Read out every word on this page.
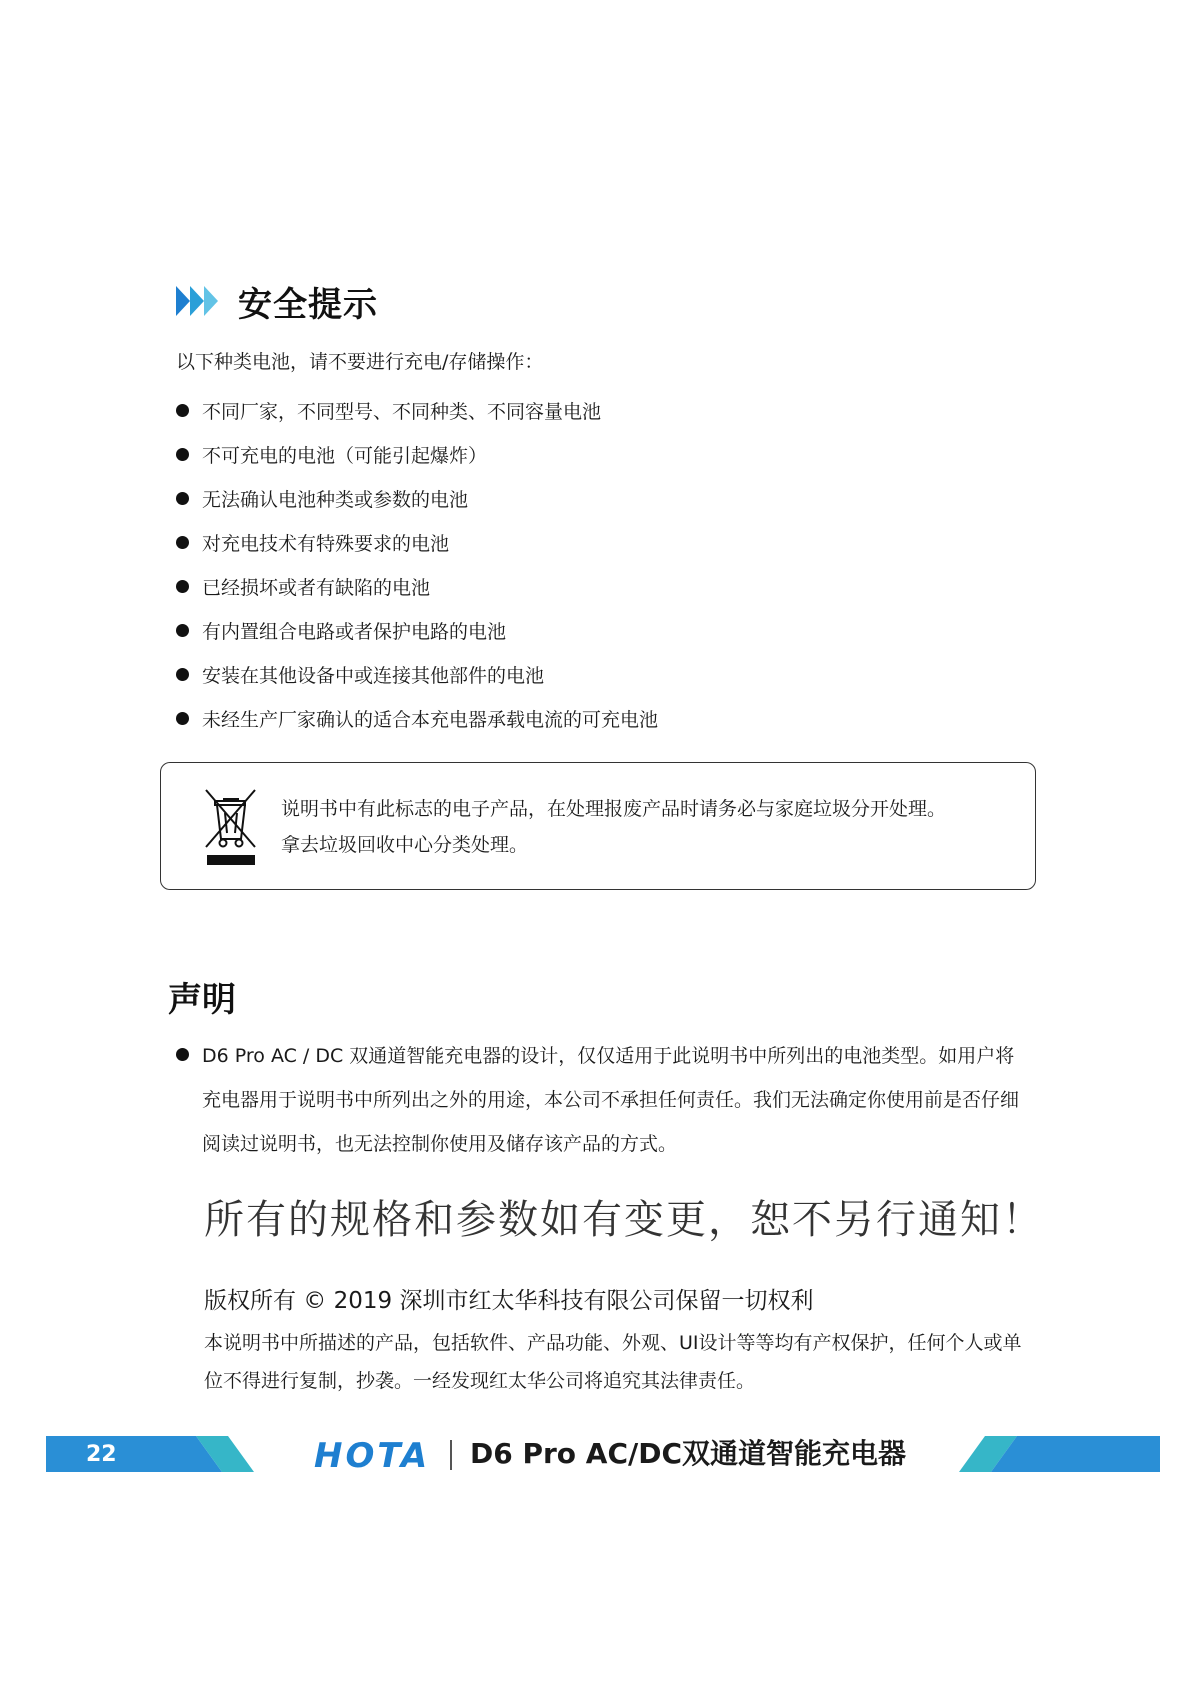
安全提示
以下种类电池，请不要进行充电/存储操作：
不同厂家，不同型号、不同种类、不同容量电池
不可充电的电池（可能引起爆炸）
无法确认电池种类或参数的电池
对充电技术有特殊要求的电池
已经损坏或者有缺陷的电池
有内置组合电路或者保护电路的电池
安装在其他设备中或连接其他部件的电池
未经生产厂家确认的适合本充电器承载电流的可充电池
说明书中有此标志的电子产品，在处理报废产品时请务必与家庭垃圾分开处理。
拿去垃圾回收中心分类处理。
声明
D6 Pro AC / DC 双通道智能充电器的设计，仅仅适用于此说明书中所列出的电池类型。如用户将充电器用于说明书中所列出之外的用途，本公司不承担任何责任。我们无法确定你使用前是否仔细阅读过说明书，也无法控制你使用及储存该产品的方式。
所有的规格和参数如有变更，恕不另行通知！
版权所有 © 2019 深圳市红太华科技有限公司保留一切权利
本说明书中所描述的产品，包括软件、产品功能、外观、UI设计等等均有产权保护，任何个人或单位不得进行复制，抄袭。一经发现红太华公司将追究其法律责任。
22	HOTA D6 Pro AC/DC双通道智能充电器
